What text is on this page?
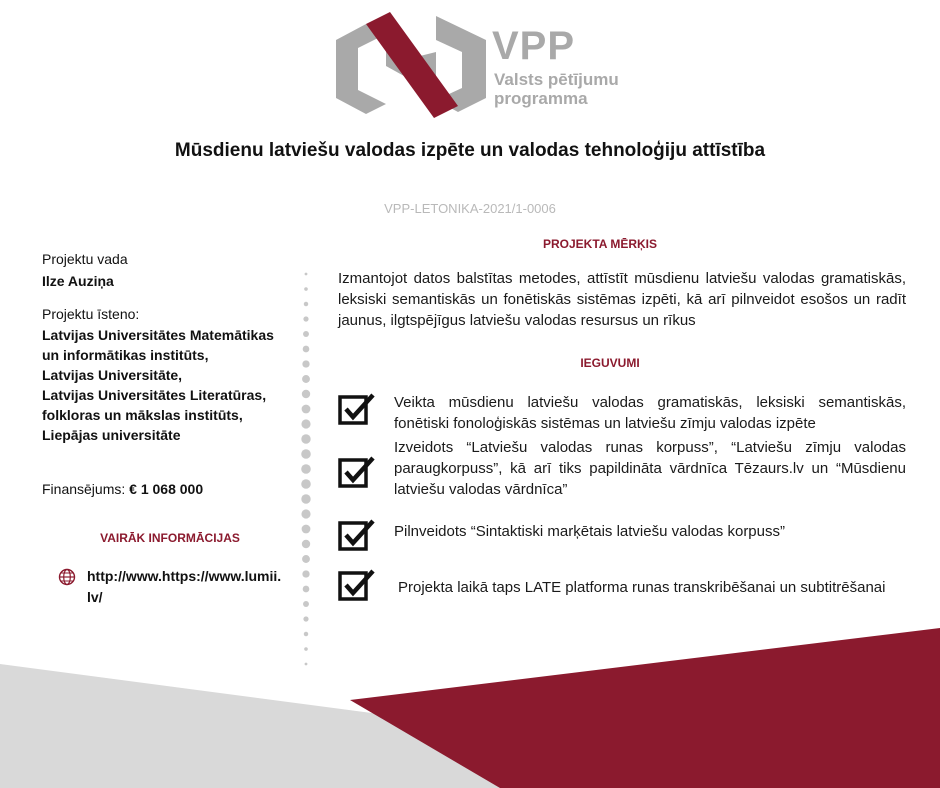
VPP
Valsts pētījumu
programma
Mūsdienu latviešu valodas izpēte un valodas tehnoloģiju attīstība
VPP-LETONIKA-2021/1-0006
Projektu vada
Ilze Auziņa
Projektu īsteno:
Latvijas Universitātes Matemātikas
un informātikas institūts,
Latvijas Universitāte,
Latvijas Universitātes Literatūras,
folkloras un mākslas institūts,
Liepājas universitāte
Finansējums: € 1 068 000
VAIRĀK INFORMĀCIJAS
http://www.https://www.lumii.
lv/
PROJEKTA MĒRĶIS
Izmantojot datos balstītas metodes, attīstīt mūsdienu latviešu valodas gramatiskās, leksiski semantiskās un fonētiskās sistēmas izpēti, kā arī pilnveidot esošos un radīt jaunus, ilgtspējīgus latviešu valodas resursus un rīkus
IEGUVUMI
Veikta mūsdienu latviešu valodas gramatiskās, leksiski semantiskās, fonētiski fonoloģiskās sistēmas un latviešu zīmju valodas izpēte
Izveidots “Latviešu valodas runas korpuss”, “Latviešu zīmju valodas paraugkorpuss”, kā arī tiks papildināta vārdnīca Tēzaurs.lv un “Mūsdienu latviešu valodas vārdnīca”
Pilnveidots “Sintaktiski marķētais latviešu valodas korpuss”
Projekta laikā taps LATE platforma runas transkribēšanai un subtitrēšanai
